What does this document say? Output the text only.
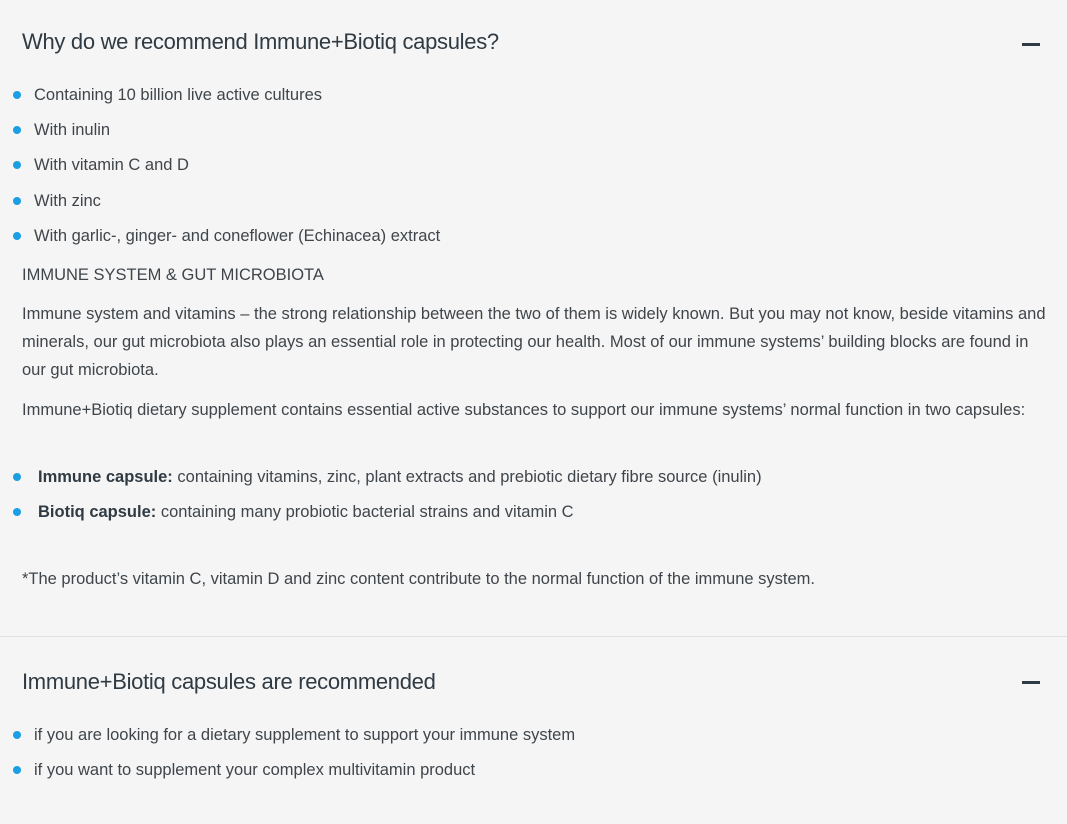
Why do we recommend Immune+Biotiq capsules?
Containing 10 billion live active cultures
With inulin
With vitamin C and D
With zinc
With garlic-, ginger- and coneflower (Echinacea) extract
IMMUNE SYSTEM & GUT MICROBIOTA

Immune system and vitamins – the strong relationship between the two of them is widely known. But you may not know, beside vitamins and minerals, our gut microbiota also plays an essential role in protecting our health. Most of our immune systems’ building blocks are found in our gut microbiota.

Immune+Biotiq dietary supplement contains essential active substances to support our immune systems’ normal function in two capsules:

Immune capsule: containing vitamins, zinc, plant extracts and prebiotic dietary fibre source (inulin)
Biotiq capsule: containing many probiotic bacterial strains and vitamin C
*The product’s vitamin C, vitamin D and zinc content contribute to the normal function of the immune system.
Immune+Biotiq capsules are recommended
if you are looking for a dietary supplement to support your immune system
if you want to supplement your complex multivitamin product
